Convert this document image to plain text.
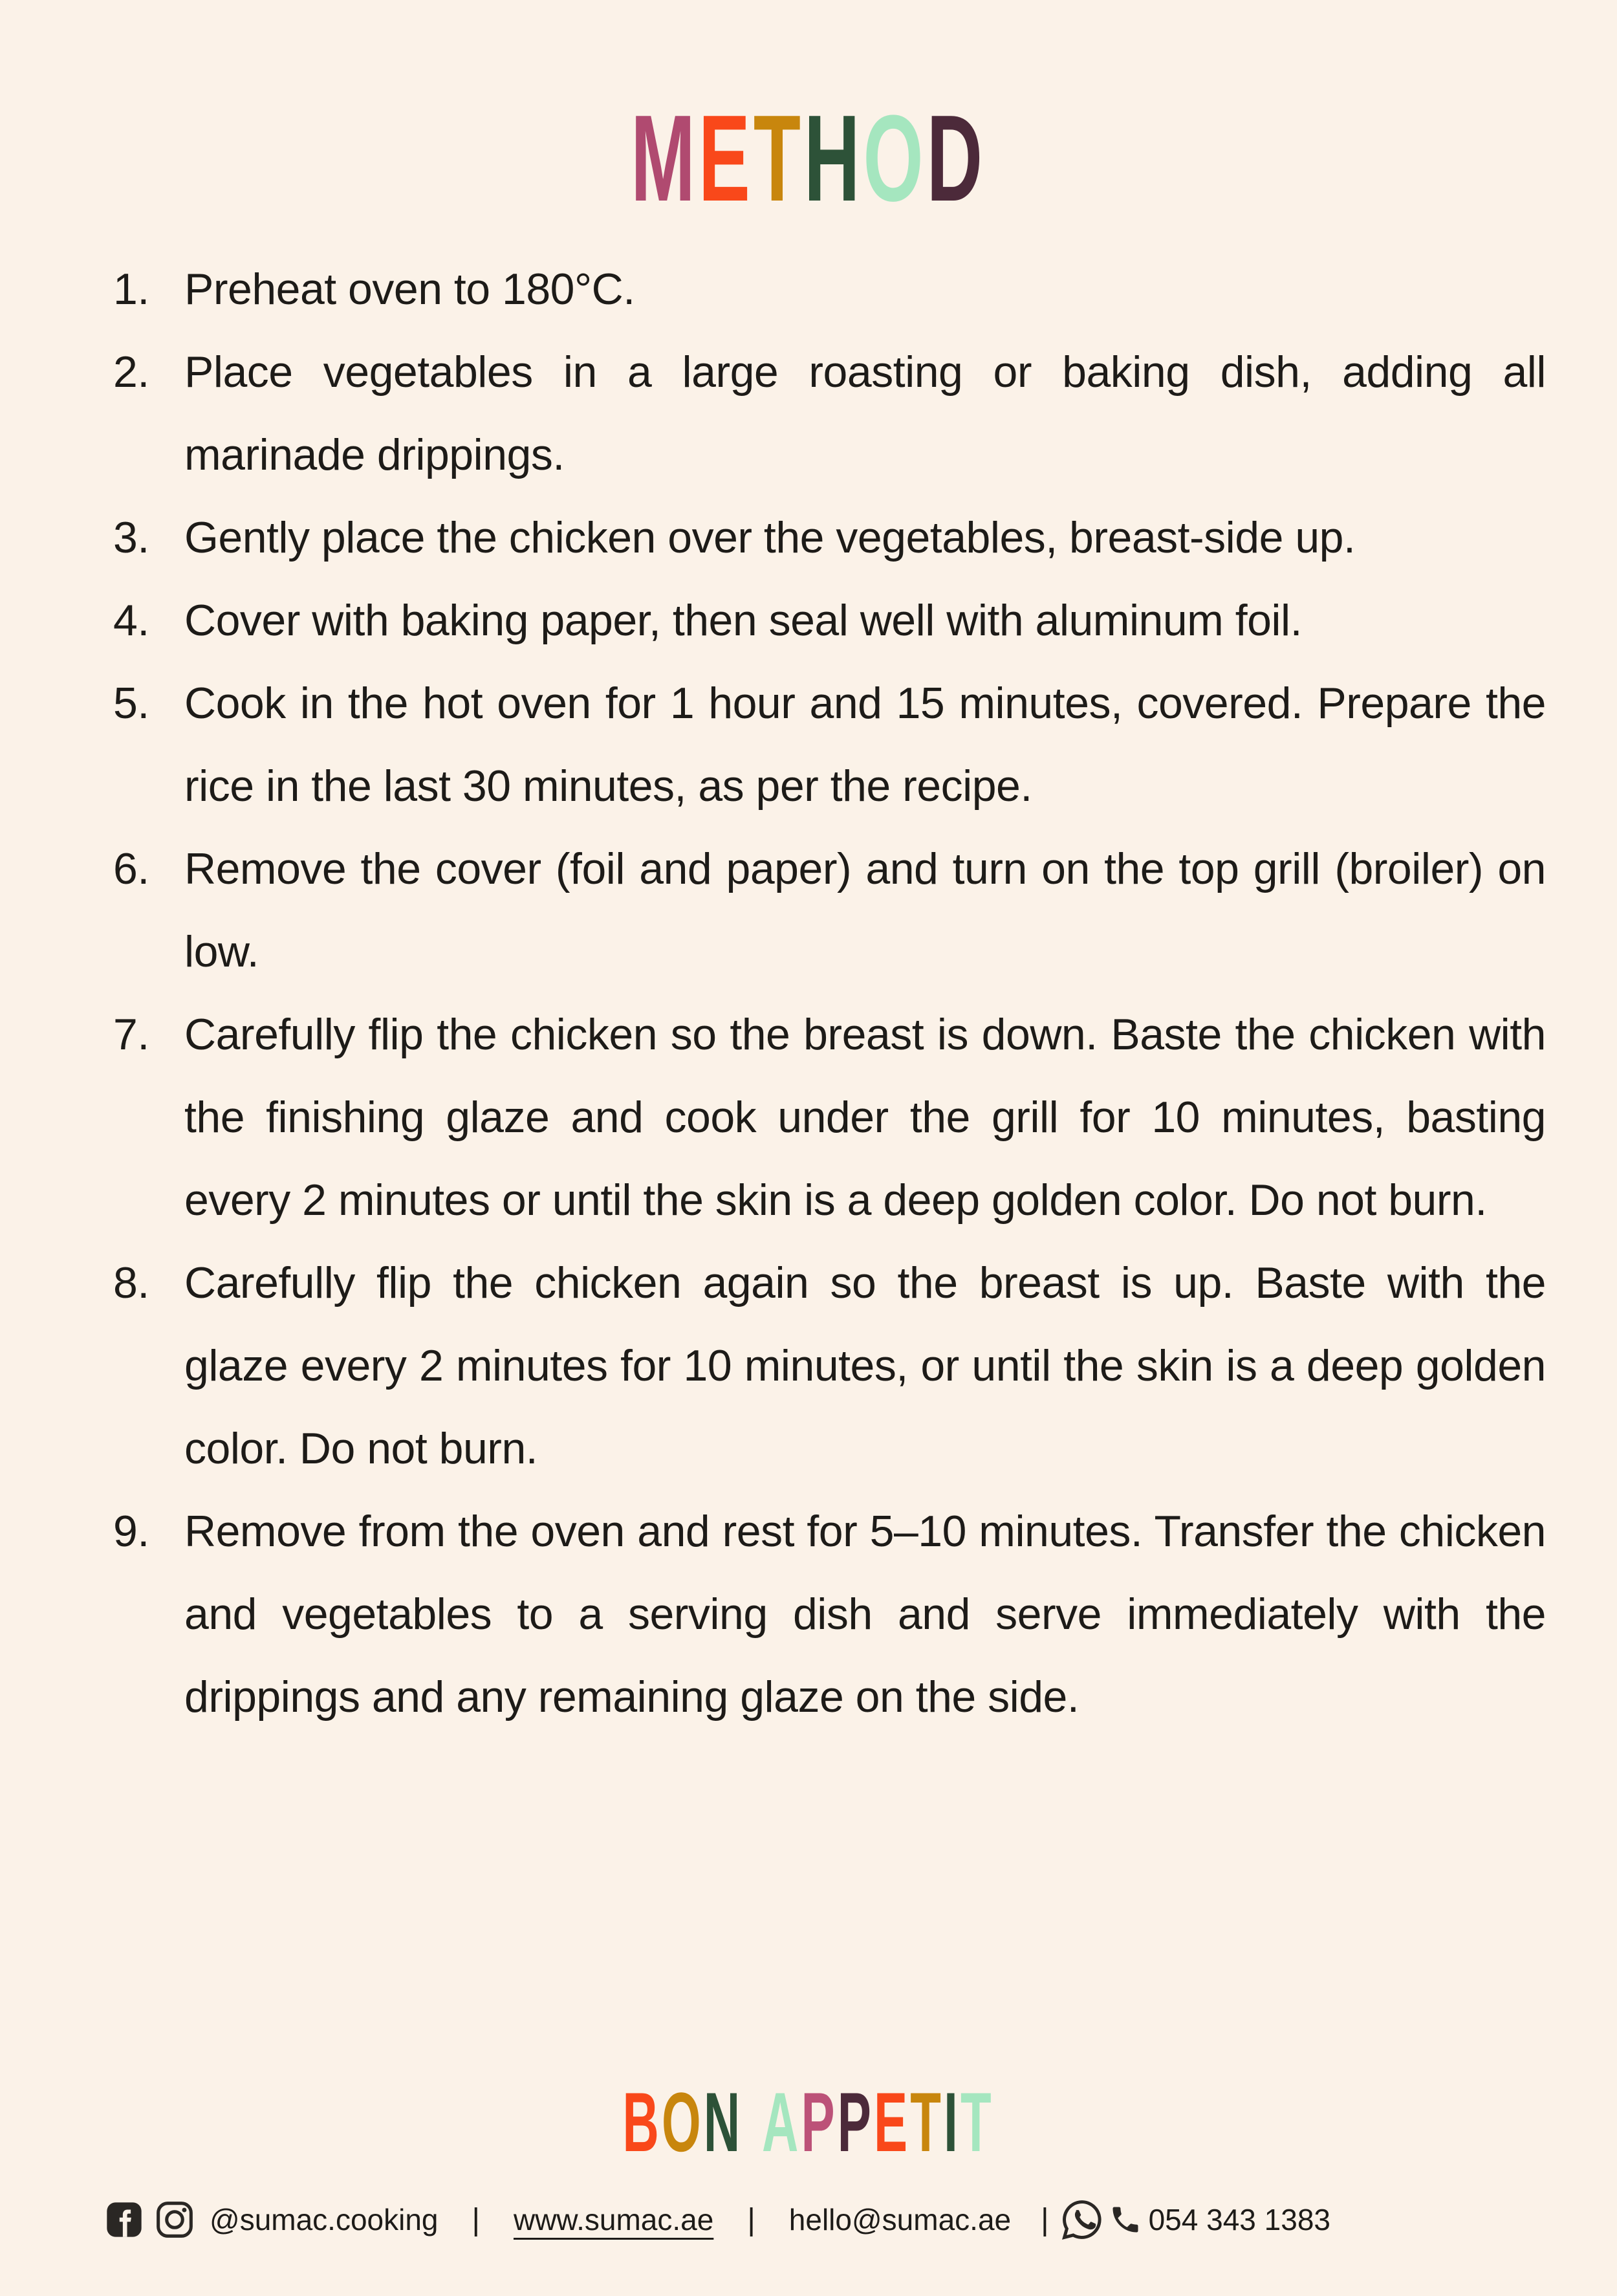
METHOD
1. Preheat oven to 180°C.
2. Place vegetables in a large roasting or baking dish, adding all marinade drippings.
3. Gently place the chicken over the vegetables, breast-side up.
4. Cover with baking paper, then seal well with aluminum foil.
5. Cook in the hot oven for 1 hour and 15 minutes, covered. Prepare the rice in the last 30 minutes, as per the recipe.
6. Remove the cover (foil and paper) and turn on the top grill (broiler) on low.
7. Carefully flip the chicken so the breast is down. Baste the chicken with the finishing glaze and cook under the grill for 10 minutes, basting every 2 minutes or until the skin is a deep golden color. Do not burn.
8. Carefully flip the chicken again so the breast is up. Baste with the glaze every 2 minutes for 10 minutes, or until the skin is a deep golden color. Do not burn.
9. Remove from the oven and rest for 5–10 minutes. Transfer the chicken and vegetables to a serving dish and serve immediately with the drippings and any remaining glaze on the side.
BON APPETIT
@sumac.cooking | www.sumac.ae | hello@sumac.ae |	054 343 1383
